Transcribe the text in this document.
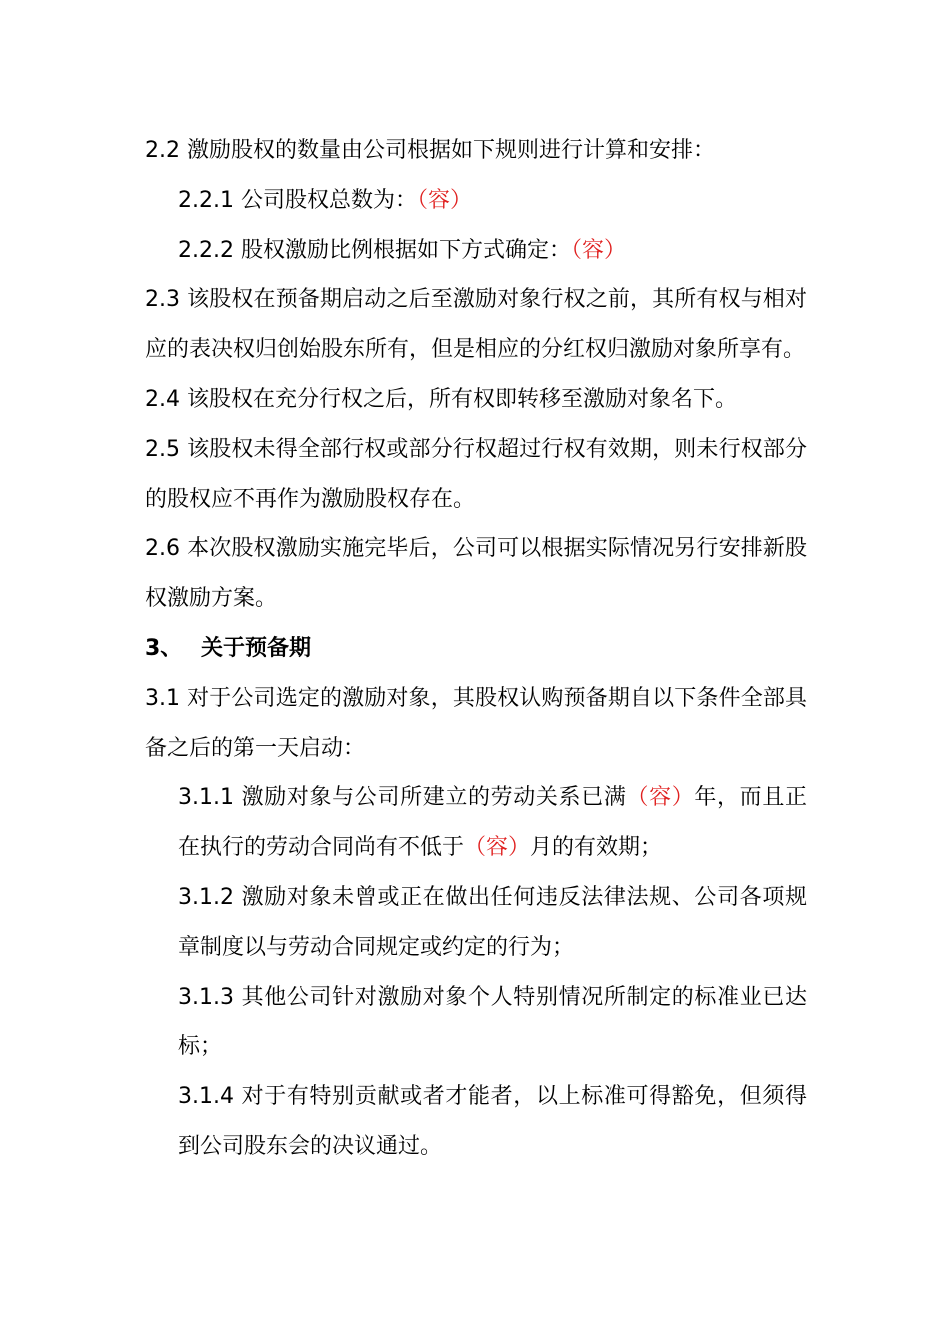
2.2 激励股权的数量由公司根据如下规则进行计算和安排：

2.2.1 公司股权总数为：（容）

2.2.2 股权激励比例根据如下方式确定：（容）

2.3 该股权在预备期启动之后至激励对象行权之前，其所有权与相对应的表决权归创始股东所有，但是相应的分红权归激励对象所享有。

2.4 该股权在充分行权之后，所有权即转移至激励对象名下。

2.5 该股权未得全部行权或部分行权超过行权有效期，则未行权部分的股权应不再作为激励股权存在。

2.6 本次股权激励实施完毕后，公司可以根据实际情况另行安排新股权激励方案。

3、 关于预备期

3.1 对于公司选定的激励对象，其股权认购预备期自以下条件全部具备之后的第一天启动：

3.1.1 激励对象与公司所建立的劳动关系已满（容）年，而且正在执行的劳动合同尚有不低于（容）月的有效期；

3.1.2 激励对象未曾或正在做出任何违反法律法规、公司各项规章制度以与劳动合同规定或约定的行为；

3.1.3 其他公司针对激励对象个人特别情况所制定的标准业已达标；

3.1.4 对于有特别贡献或者才能者，以上标准可得豁免，但须得到公司股东会的决议通过。
